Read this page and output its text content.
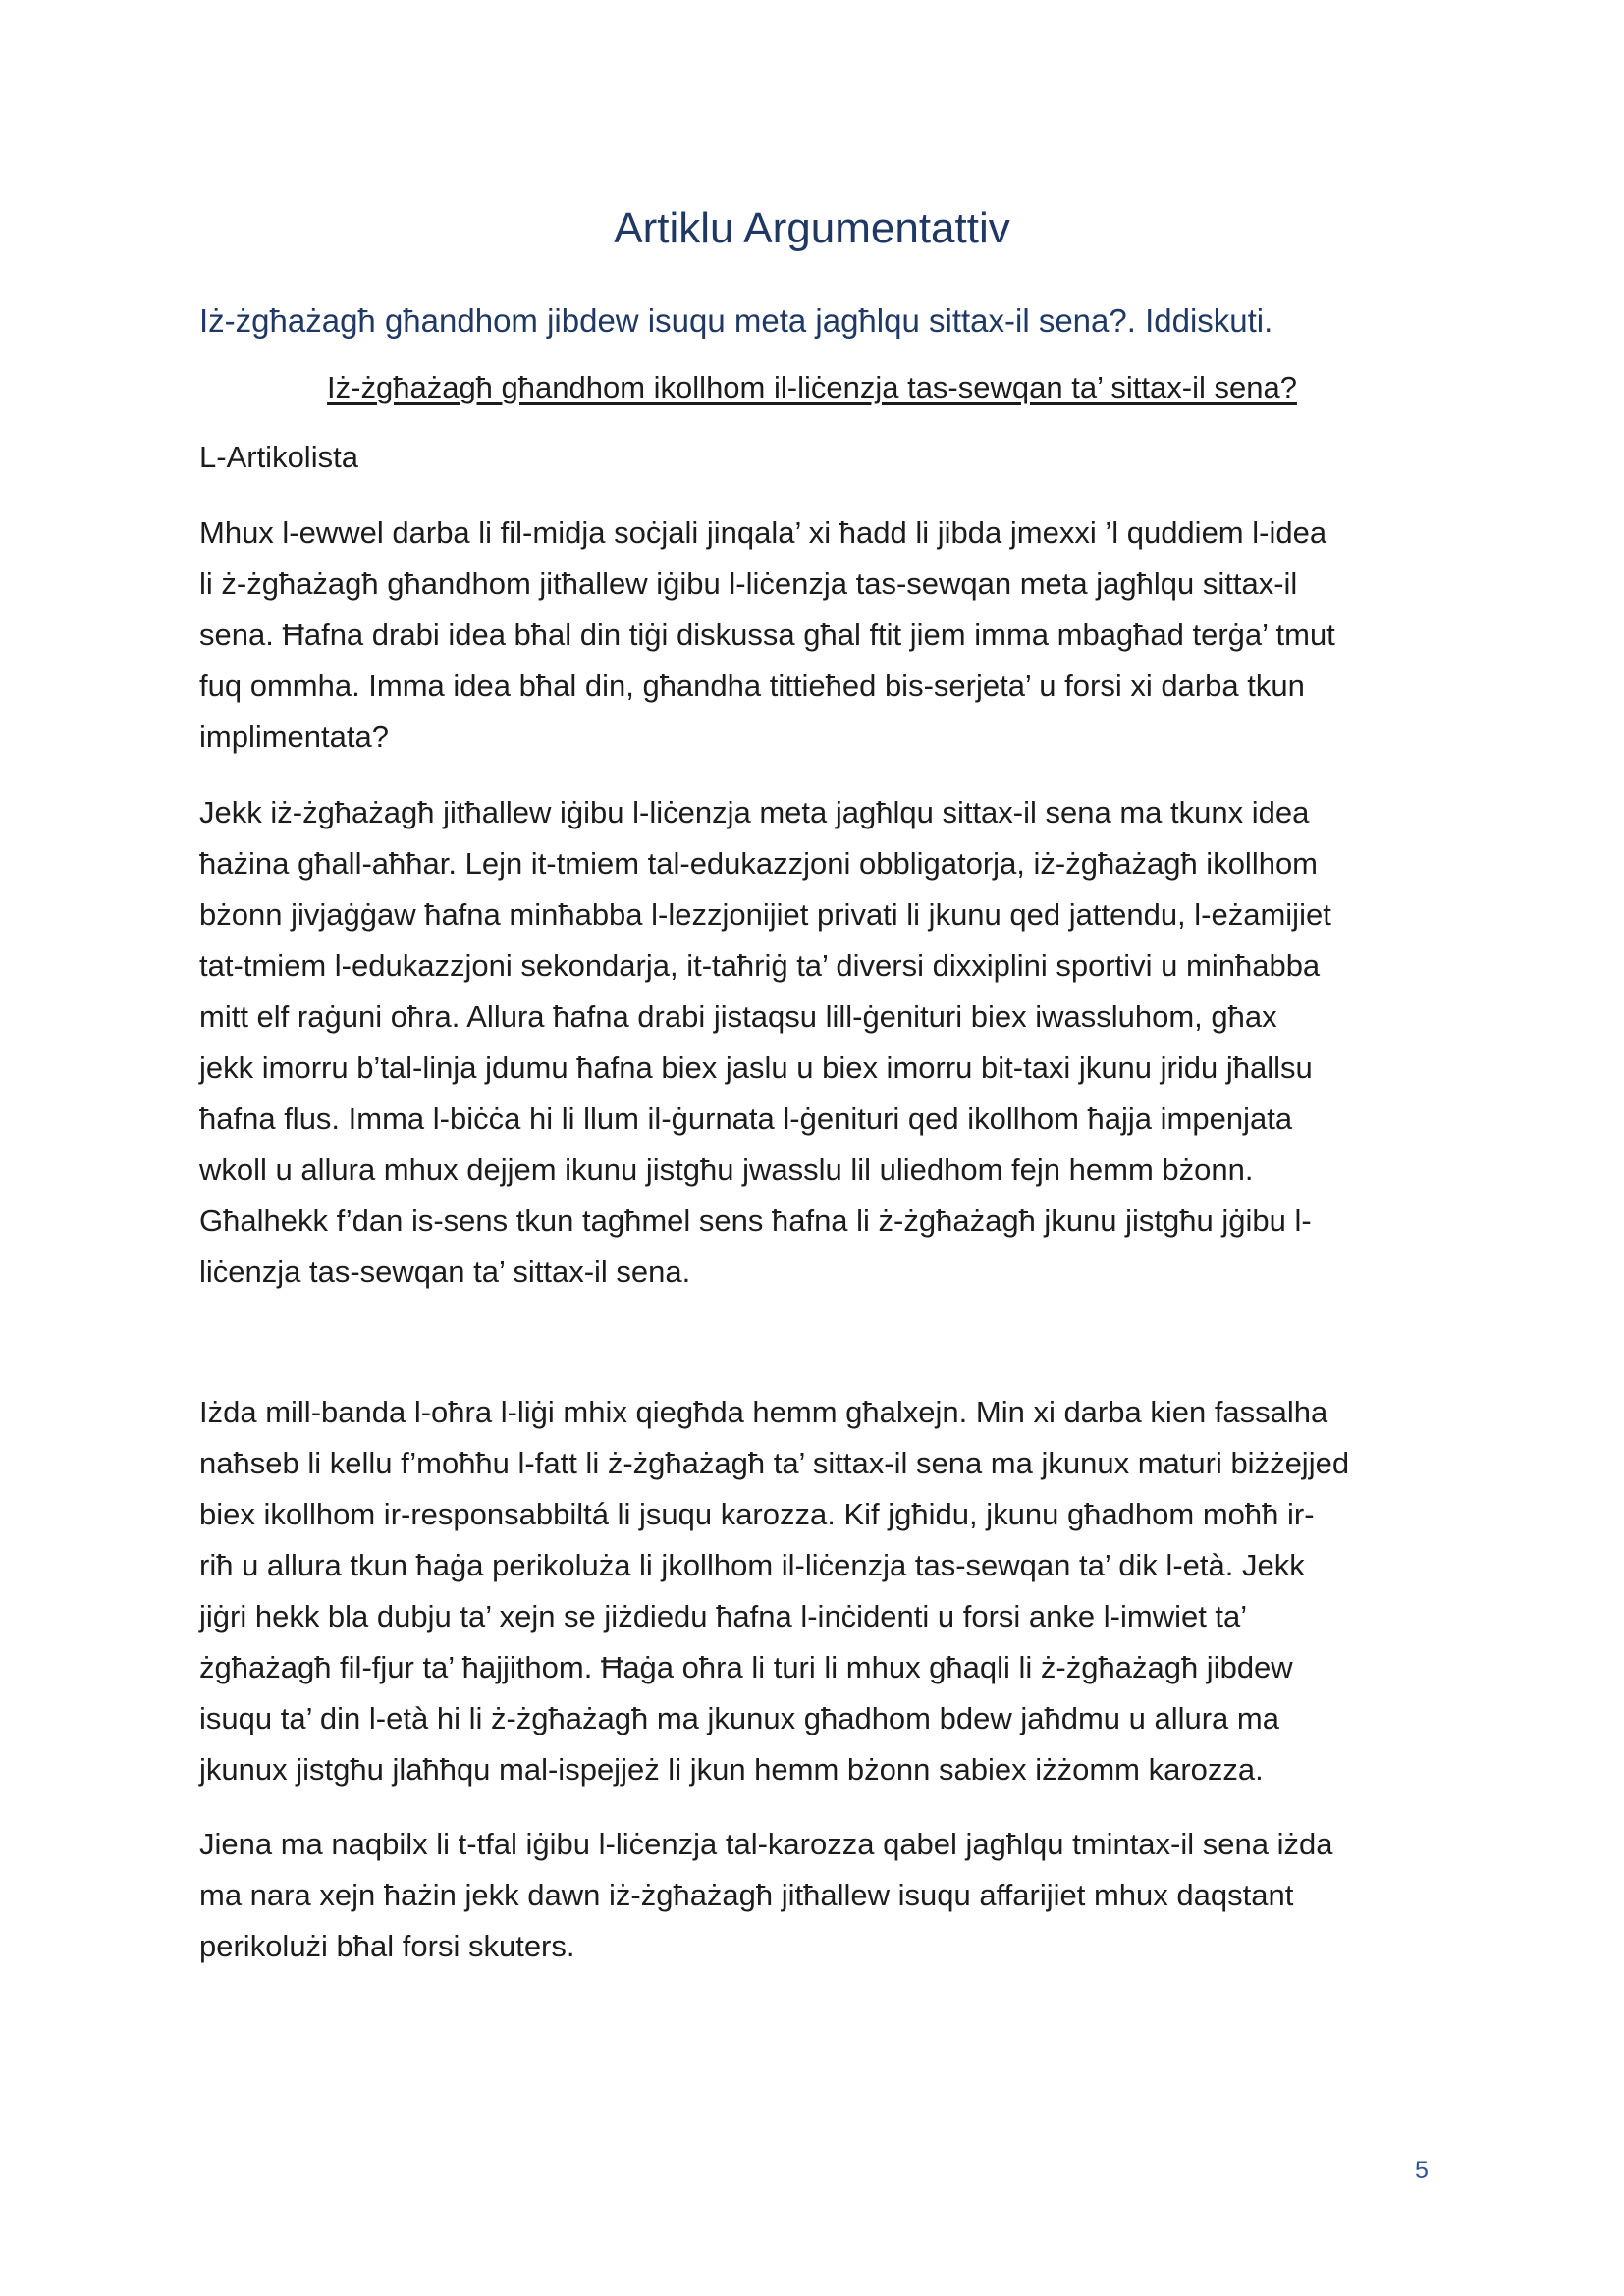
Artiklu Argumentattiv
Iż-żgħażagħ għandhom jibdew isuqu meta jagħlqu sittax-il sena?. Iddiskuti.
Iż-żgħażagħ għandhom ikollhom il-liċenzja tas-sewqan ta’ sittax-il sena?
L-Artikolista

Mhux l-ewwel darba li fil-midja soċjali jinqala’ xi ħadd li jibda jmexxi ’l quddiem l-idea
li ż-żgħażagħ għandhom jitħallew iġibu l-liċenzja tas-sewqan meta jagħlqu sittax-il
sena. Ħafna drabi idea bħal din tiġi diskussa għal ftit jiem imma mbagħad terġa’ tmut
fuq ommha. Imma idea bħal din, għandha tittieħed bis-serjeta’ u forsi xi darba tkun
implimentata?

Jekk iż-żgħażagħ jitħallew iġibu l-liċenzja meta jagħlqu sittax-il sena ma tkunx idea
ħażina għall-aħħar. Lejn it-tmiem tal-edukazzjoni obbligatorja, iż-żgħażagħ ikollhom
bżonn jivjaġġaw ħafna minħabba l-lezzjonijiet privati li jkunu qed jattendu, l-eżamijiet
tat-tmiem l-edukazzjoni sekondarja, it-taħriġ ta’ diversi dixxiplini sportivi u minħabba
mitt elf raġuni oħra. Allura ħafna drabi jistaqsu lill-ġenituri biex iwassluhom, għax
jekk imorru b’tal-linja jdumu ħafna biex jaslu u biex imorru bit-taxi jkunu jridu jħallsu
ħafna flus. Imma l-biċċa hi li llum il-ġurnata l-ġenituri qed ikollhom ħajja impenjata
wkoll u allura mhux dejjem ikunu jistgħu jwasslu lil uliedhom fejn hemm bżonn.
Għalhekk f’dan is-sens tkun tagħmel sens ħafna li ż-żgħażagħ jkunu jistgħu jġibu l-
liċenzja tas-sewqan ta’ sittax-il sena.

Iżda mill-banda l-oħra l-liġi mhix qiegħda hemm għalxejn. Min xi darba kien fassalha
naħseb li kellu f’moħħu l-fatt li ż-żgħażagħ ta’ sittax-il sena ma jkunux maturi biżżejjed
biex ikollhom ir-responsabbiltá li jsuqu karozza. Kif jgħidu, jkunu għadhom moħħ ir-
riħ u allura tkun ħaġa perikoluża li jkollhom il-liċenzja tas-sewqan ta’ dik l-età. Jekk
jiġri hekk bla dubju ta’ xejn se jiżdiedu ħafna l-inċidenti u forsi anke l-imwiet ta’
żgħażagħ fil-fjur ta’ ħajjithom. Ħaġa oħra li turi li mhux għaqli li ż-żgħażagħ jibdew
isuqu ta’ din l-età hi li ż-żgħażagħ ma jkunux għadhom bdew jaħdmu u allura ma
jkunux jistgħu jlaħħqu mal-ispejjeż li jkun hemm bżonn sabiex iżżomm karozza.

Jiena ma naqbilx li t-tfal iġibu l-liċenzja tal-karozza qabel jagħlqu tmintax-il sena iżda
ma nara xejn ħażin jekk dawn iż-żgħażagħ jitħallew isuqu affarijiet mhux daqstant
perikolużi bħal forsi skuters.

5
